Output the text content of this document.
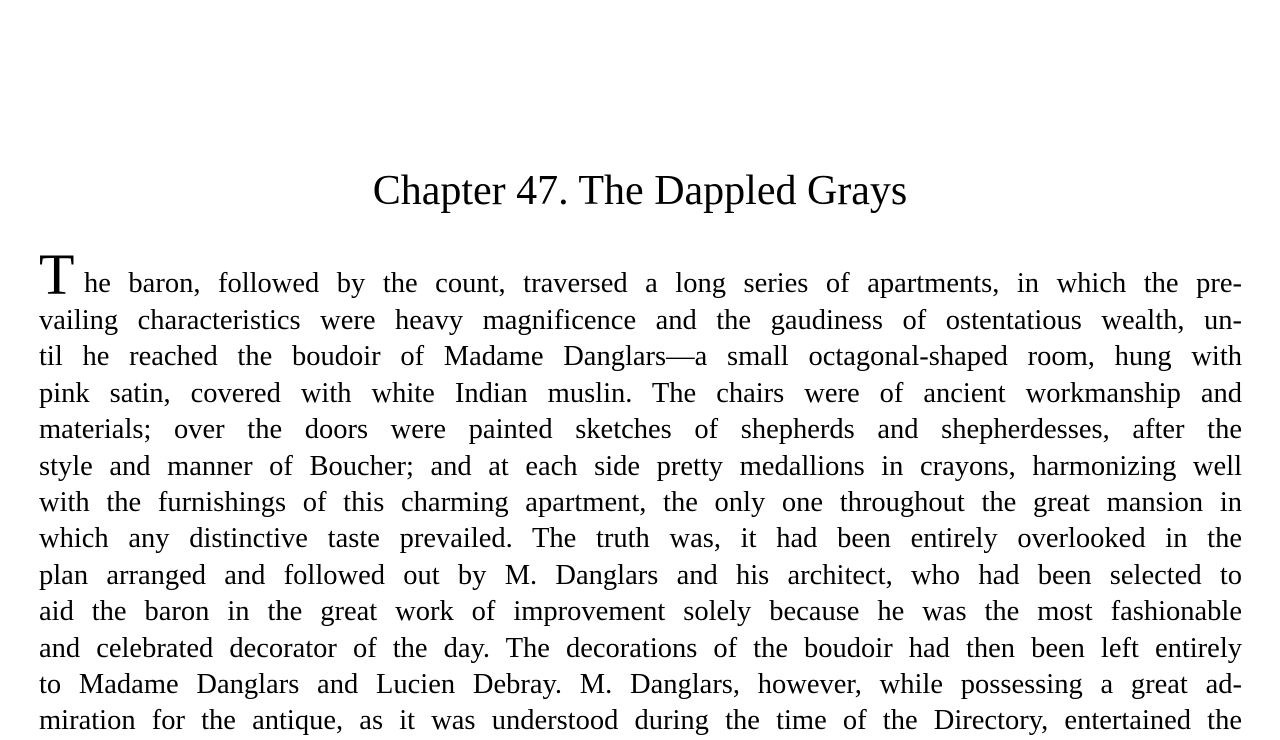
Chapter 47. The Dappled Grays
T he baron, followed by the count, traversed a long series of apartments, in which the pre-
vailing characteristics were heavy magnificence and the gaudiness of ostentatious wealth, un-
til he reached the boudoir of Madame Danglars—a small octagonal-shaped room, hung with
pink satin, covered with white Indian muslin. The chairs were of ancient workmanship and
materials; over the doors were painted sketches of shepherds and shepherdesses, after the
style and manner of Boucher; and at each side pretty medallions in crayons, harmonizing well
with the furnishings of this charming apartment, the only one throughout the great mansion in
which any distinctive taste prevailed. The truth was, it had been entirely overlooked in the
plan arranged and followed out by M. Danglars and his architect, who had been selected to
aid the baron in the great work of improvement solely because he was the most fashionable
and celebrated decorator of the day. The decorations of the boudoir had then been left entirely
to Madame Danglars and Lucien Debray. M. Danglars, however, while possessing a great ad-
miration for the antique, as it was understood during the time of the Directory, entertained the
